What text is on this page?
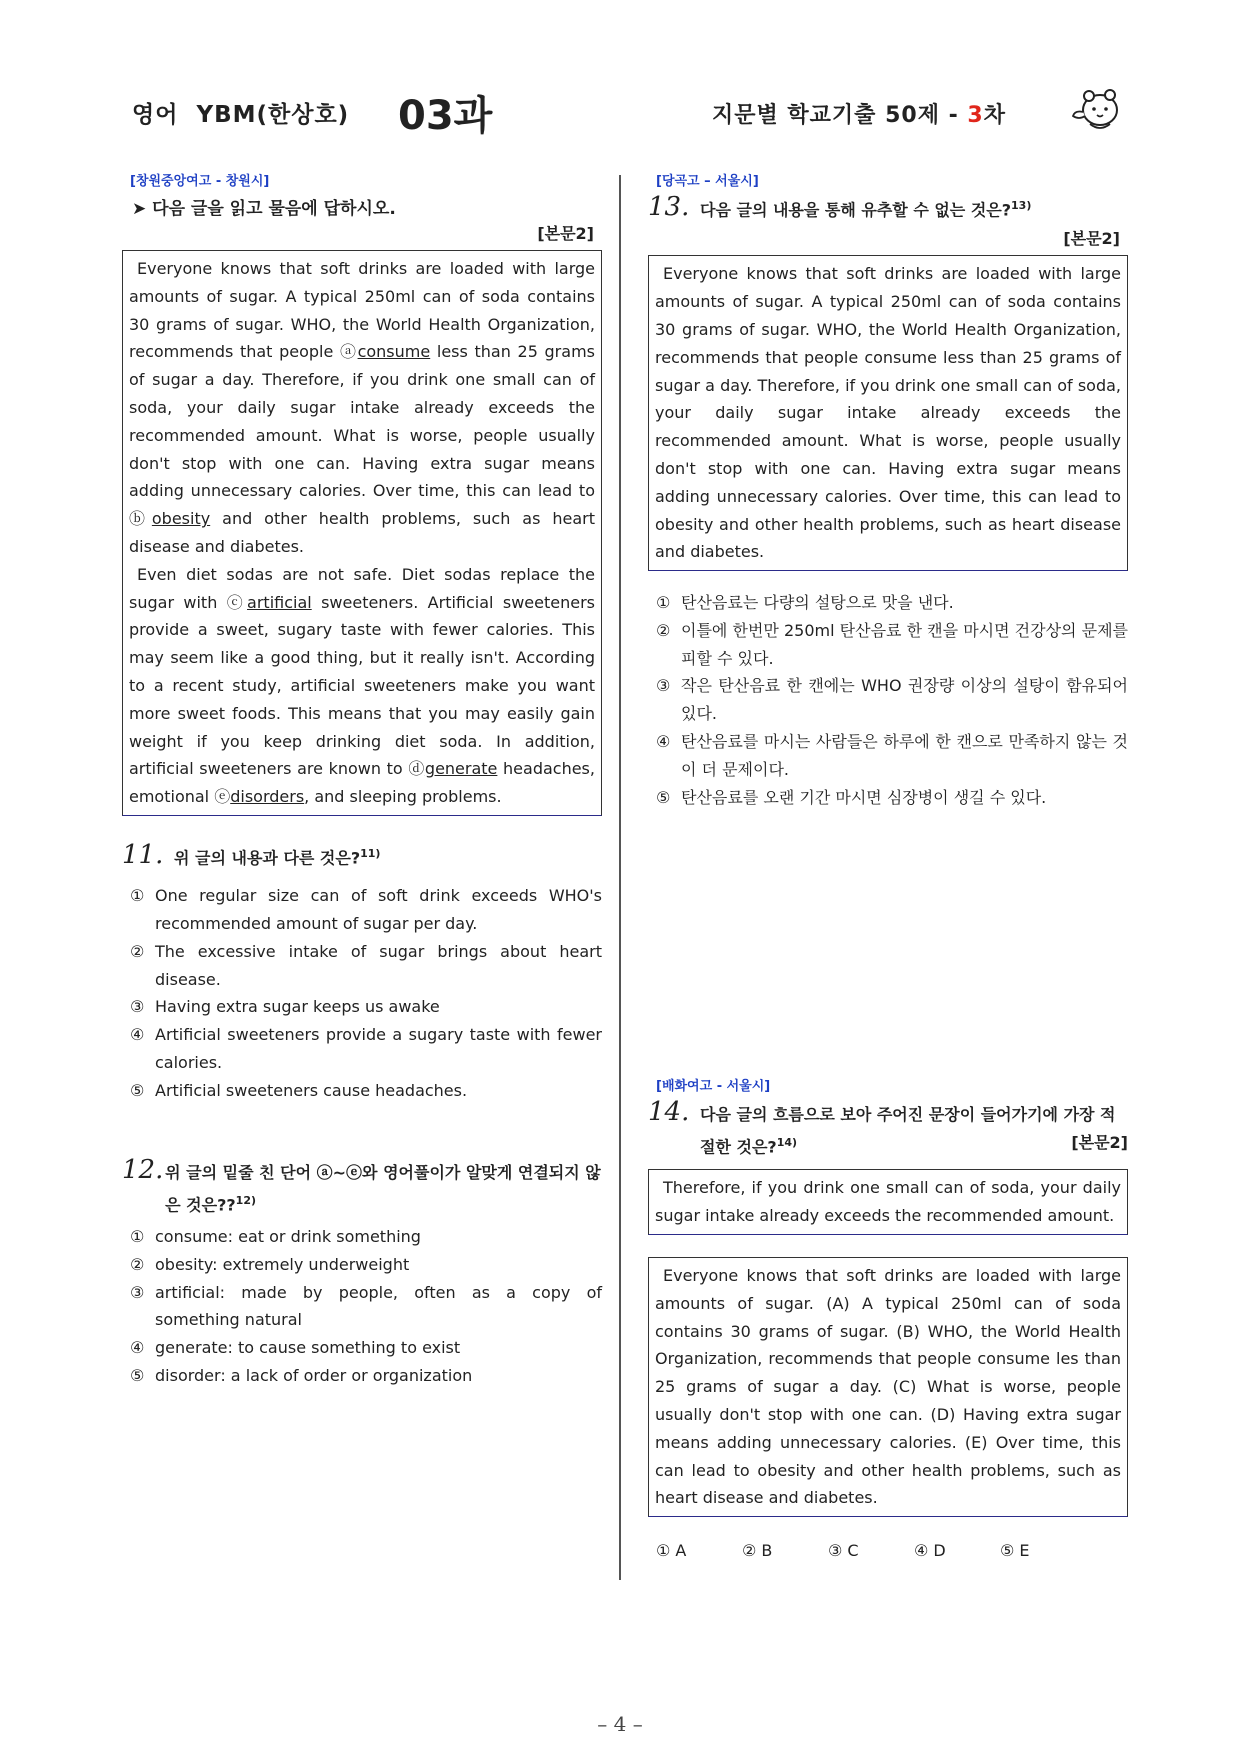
영어 YBM(한상호) 03과	지문별 학교기출 50제 - 3차
[창원중앙여고 - 창원시]
➤ 다음 글을 읽고 물음에 답하시오.
[본문2]

Everyone knows that soft drinks are loaded with large amounts of sugar. A typical 250ml can of soda contains 30 grams of sugar. WHO, the World Health Organization, recommends that people ⓐconsume less than 25 grams of sugar a day. Therefore, if you drink one small can of soda, your daily sugar intake already exceeds the recommended amount. What is worse, people usually don't stop with one can. Having extra sugar means adding unnecessary calories. Over time, this can lead to ⓑobesity and other health problems, such as heart disease and diabetes.

Even diet sodas are not safe. Diet sodas replace the sugar with ⓒartificial sweeteners. Artificial sweeteners provide a sweet, sugary taste with fewer calories. This may seem like a good thing, but it really isn't. According to a recent study, artificial sweeteners make you want more sweet foods. This means that you may easily gain weight if you keep drinking diet soda. In addition, artificial sweeteners are known to ⓓgenerate headaches, emotional ⓔdisorders, and sleeping problems.

11. 위 글의 내용과 다른 것은?$^{11)}$
① One regular size can of soft drink exceeds WHO's recommended amount of sugar per day.
② The excessive intake of sugar brings about heart disease.
③ Having extra sugar keeps us awake
④ Artificial sweeteners provide a sugary taste with fewer calories.
⑤ Artificial sweeteners cause headaches.
12. 위 글의 밑줄 친 단어 ⓐ~ⓔ와 영어풀이가 알맞게 연결되지 않은 것은??$^{12)}$
① consume: eat or drink something
② obesity: extremely underweight
③ artificial: made by people, often as a copy of something natural
④ generate: to cause something to exist
⑤ disorder: a lack of order or organization
[당곡고 – 서울시]
13. 다음 글의 내용을 통해 유추할 수 없는 것은?$^{13)}$
[본문2]

Everyone knows that soft drinks are loaded with large amounts of sugar. A typical 250ml can of soda contains 30 grams of sugar. WHO, the World Health Organization, recommends that people consume less than 25 grams of sugar a day. Therefore, if you drink one small can of soda, your daily sugar intake already exceeds the recommended amount. What is worse, people usually don't stop with one can. Having extra sugar means adding unnecessary calories. Over time, this can lead to obesity and other health problems, such as heart disease and diabetes.

① 탄산음료는 다량의 설탕으로 맛을 낸다.
② 이틀에 한번만 250ml 탄산음료 한 캔을 마시면 건강상의 문제를 피할 수 있다.
③ 작은 탄산음료 한 캔에는 WHO 권장량 이상의 설탕이 함유되어 있다.
④ 탄산음료를 마시는 사람들은 하루에 한 캔으로 만족하지 않는 것이 더 문제이다.
⑤ 탄산음료를 오랜 기간 마시면 심장병이 생길 수 있다.
[배화여고 - 서울시]
14. 다음 글의 흐름으로 보아 주어진 문장이 들어가기에 가장 적절한 것은?$^{14)}$	[본문2]

Therefore, if you drink one small can of soda, your daily sugar intake already exceeds the recommended amount.

Everyone knows that soft drinks are loaded with large amounts of sugar. (A) A typical 250ml can of soda contains 30 grams of sugar. (B) WHO, the World Health Organization, recommends that people consume les than 25 grams of sugar a day. (C) What is worse, people usually don't stop with one can. (D) Having extra sugar means adding unnecessary calories. (E) Over time, this can lead to obesity and other health problems, such as heart disease and diabetes.

① A	② B	③ C	④ D	⑤ E
– 4 –
